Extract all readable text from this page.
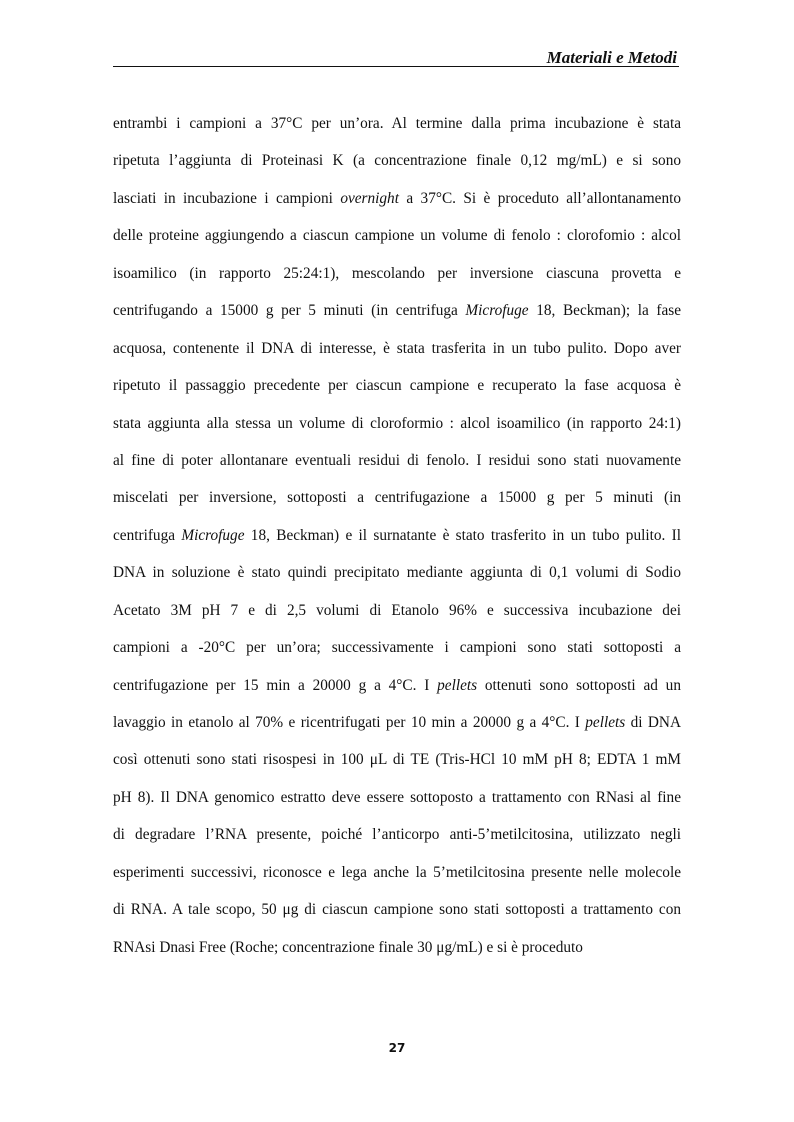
Materiali e Metodi
entrambi i campioni a 37°C per un’ora. Al termine dalla prima incubazione è stata
ripetuta l’aggiunta di Proteinasi K (a concentrazione finale 0,12 mg/mL) e si sono
lasciati in incubazione i campioni overnight a 37°C. Si è proceduto all’allontanamento
delle proteine aggiungendo a ciascun campione un volume di fenolo : clorofomio : alcol
isoamilico (in rapporto 25:24:1), mescolando per inversione ciascuna provetta e
centrifugando a 15000 g per 5 minuti (in centrifuga Microfuge 18, Beckman); la fase
acquosa, contenente il DNA di interesse, è stata trasferita in un tubo pulito. Dopo aver
ripetuto il passaggio precedente per ciascun campione e recuperato la fase acquosa è
stata aggiunta alla stessa un volume di cloroformio : alcol isoamilico (in rapporto 24:1)
al fine di poter allontanare eventuali residui di fenolo. I residui sono stati nuovamente
miscelati per inversione, sottoposti a centrifugazione a 15000 g per 5 minuti (in
centrifuga Microfuge 18, Beckman) e il surnatante è stato trasferito in un tubo pulito. Il
DNA in soluzione è stato quindi precipitato mediante aggiunta di 0,1 volumi di Sodio
Acetato 3M pH 7 e di 2,5 volumi di Etanolo 96% e successiva incubazione dei
campioni a -20°C per un’ora; successivamente i campioni sono stati sottoposti a
centrifugazione per 15 min a 20000 g a 4°C. I pellets ottenuti sono sottoposti ad un
lavaggio in etanolo al 70% e ricentrifugati per 10 min a 20000 g a 4°C. I pellets di DNA
così ottenuti sono stati risospesi in 100 μL di TE (Tris-HCl 10 mM pH 8; EDTA 1 mM
pH 8). Il DNA genomico estratto deve essere sottoposto a trattamento con RNasi al fine
di degradare l’RNA presente, poiché l’anticorpo anti-5’metilcitosina, utilizzato negli
esperimenti successivi, riconosce e lega anche la 5’metilcitosina presente nelle molecole
di RNA. A tale scopo, 50 μg di ciascun campione sono stati sottoposti a trattamento con
RNAsi Dnasi Free (Roche; concentrazione finale 30 μg/mL) e si è proceduto
27
